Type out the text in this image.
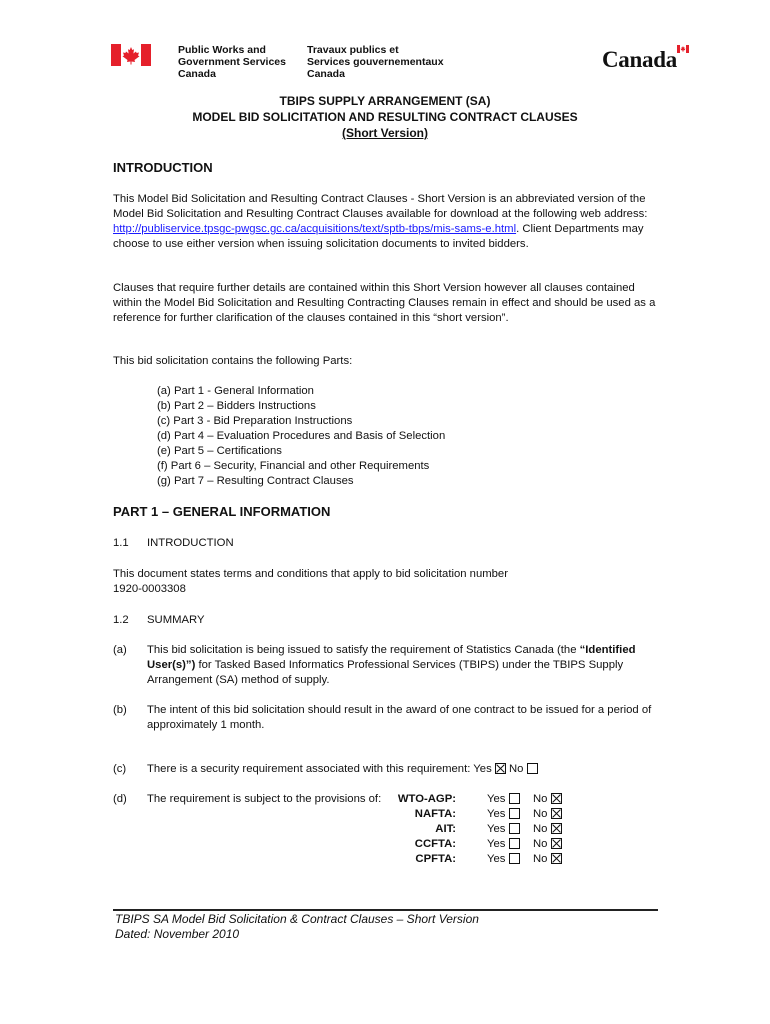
Public Works and
Government Services
Canada
Travaux publics et
Services gouvernementaux
Canada
Canada
TBIPS SUPPLY ARRANGEMENT (SA)
MODEL BID SOLICITATION AND RESULTING CONTRACT CLAUSES
(Short Version)
INTRODUCTION

This Model Bid Solicitation and Resulting Contract Clauses - Short Version is an abbreviated version of the Model Bid Solicitation and Resulting Contract Clauses available for download at the following web address: http://publiservice.tpsgc-pwgsc.gc.ca/acquisitions/text/sptb-tbps/mis-sams-e.html. Client Departments may choose to use either version when issuing solicitation documents to invited bidders.

Clauses that require further details are contained within this Short Version however all clauses contained within the Model Bid Solicitation and Resulting Contracting Clauses remain in effect and should be used as a reference for further clarification of the clauses contained in this “short version”.

This bid solicitation contains the following Parts:

(a) Part 1 - General Information
(b) Part 2 – Bidders Instructions
(c) Part 3 - Bid Preparation Instructions
(d) Part 4 – Evaluation Procedures and Basis of Selection
(e) Part 5 – Certifications
(f) Part 6 – Security, Financial and other Requirements
(g) Part 7 – Resulting Contract Clauses
PART 1 – GENERAL INFORMATION
1.1 INTRODUCTION

This document states terms and conditions that apply to bid solicitation number
1920-0003308

1.2 SUMMARY
(a) This bid solicitation is being issued to satisfy the requirement of Statistics Canada (the “Identified User(s)”) for Tasked Based Informatics Professional Services (TBIPS) under the TBIPS Supply Arrangement (SA) method of supply.

(b) The intent of this bid solicitation should result in the award of one contract to be issued for a period of approximately 1 month.

(c) There is a security requirement associated with this requirement: Yes No
(d) The requirement is subject to the provisions of: WTO-AGP:	Yes	No
NAFTA:	Yes	No
AIT:	Yes	No
CCFTA:	Yes	No
CPFTA:	Yes	No
TBIPS SA Model Bid Solicitation & Contract Clauses – Short Version
Dated: November 2010
